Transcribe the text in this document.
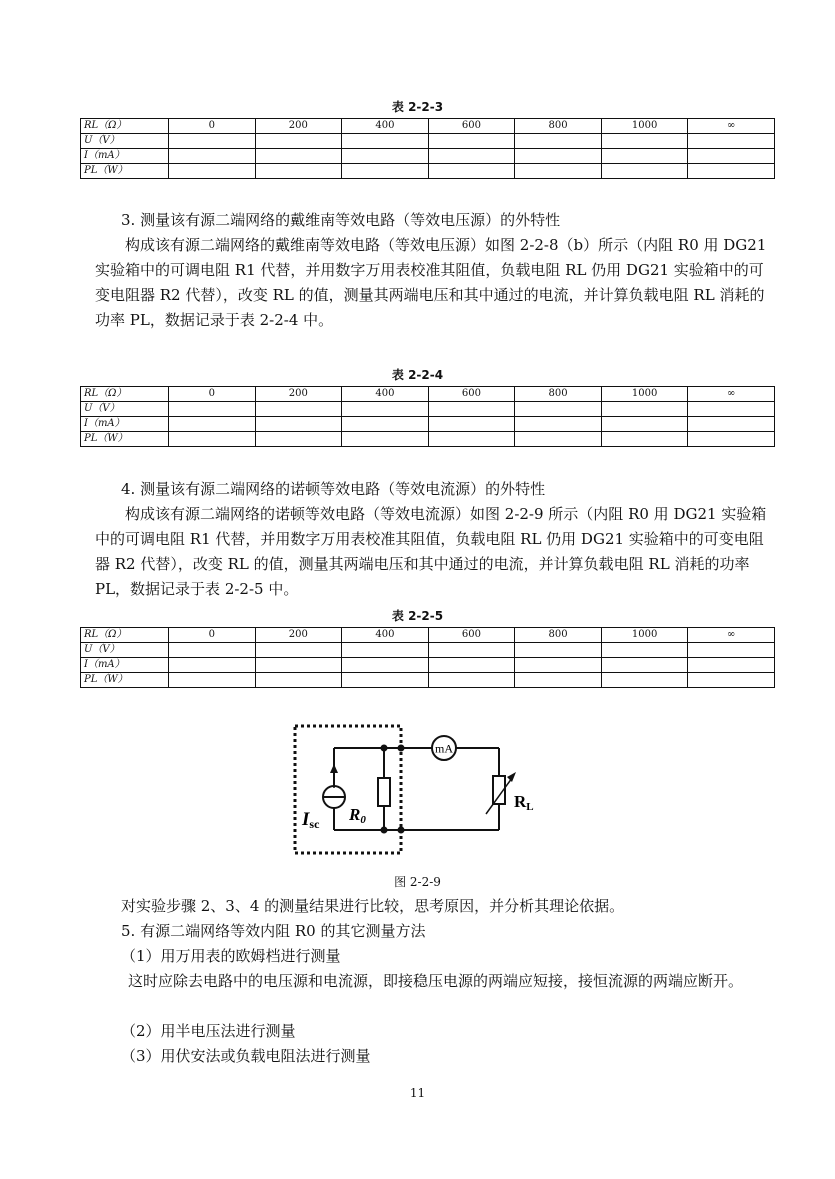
表 2-2-3
RL（Ω）	0	200	400	600	800	1000	∞
U（V）							
I（mA）							
PL（W）							
3. 测量该有源二端网络的戴维南等效电路（等效电压源）的外特性

构成该有源二端网络的戴维南等效电路（等效电压源）如图 2-2-8（b）所示（内阻 R0 用 DG21 实验箱中的可调电阻 R1 代替，并用数字万用表校准其阻值，负载电阻 RL 仍用 DG21 实验箱中的可变电阻器 R2 代替），改变 RL 的值，测量其两端电压和其中通过的电流，并计算负载电阻 RL 消耗的功率 PL，数据记录于表 2-2-4 中。

表 2-2-4
RL（Ω）	0	200	400	600	800	1000	∞
U（V）							
I（mA）							
PL（W）							
4. 测量该有源二端网络的诺顿等效电路（等效电流源）的外特性

构成该有源二端网络的诺顿等效电路（等效电流源）如图 2-2-9 所示（内阻 R0 用 DG21 实验箱中的可调电阻 R1 代替，并用数字万用表校准其阻值，负载电阻 RL 仍用 DG21 实验箱中的可变电阻器 R2 代替），改变 RL 的值，测量其两端电压和其中通过的电流，并计算负载电阻 RL 消耗的功率 PL，数据记录于表 2-2-5 中。

表 2-2-5
RL（Ω）	0	200	400	600	800	1000	∞
U（V）							
I（mA）							
PL（W）							
mA
Isc R0
RL
图 2-2-9
对实验步骤 2、3、4 的测量结果进行比较，思考原因，并分析其理论依据。
5. 有源二端网络等效内阻 R0 的其它测量方法
（1）用万用表的欧姆档进行测量

这时应除去电路中的电压源和电流源，即接稳压电源的两端应短接，接恒流源的两端应断开。

（2）用半电压法进行测量
（3）用伏安法或负载电阻法进行测量
11
